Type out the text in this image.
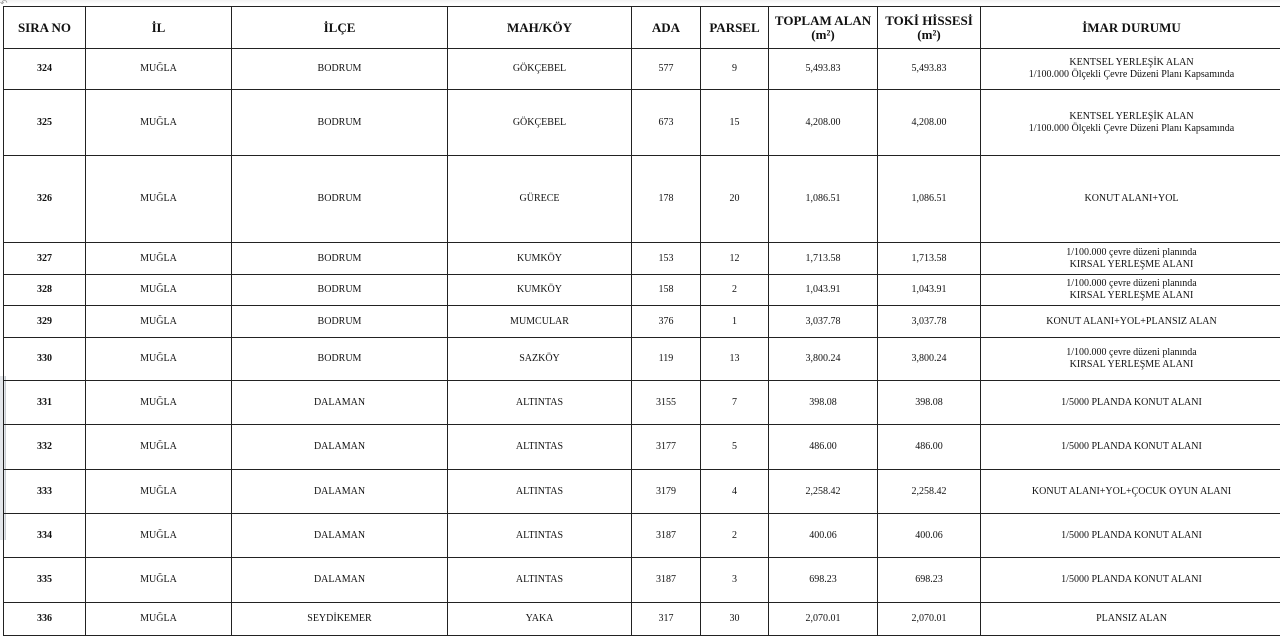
↶
SIRA NO	İL	İLÇE	MAH/KÖY	ADA	PARSEL	TOPLAM ALAN (m²)	TOKİ HİSSESİ (m²)	İMAR DURUMU
324	MUĞLA	BODRUM	GÖKÇEBEL	577	9	5,493.83	5,493.83	KENTSEL YERLEŞİK ALAN
1/100.000 Ölçekli Çevre Düzeni Planı Kapsamında

325	MUĞLA	BODRUM	GÖKÇEBEL	673	15	4,208.00	4,208.00	KENTSEL YERLEŞİK ALAN
1/100.000 Ölçekli Çevre Düzeni Planı Kapsamında

326	MUĞLA	BODRUM	GÜRECE	178	20	1,086.51	1,086.51	KONUT ALANI+YOL

327	MUĞLA	BODRUM	KUMKÖY	153	12	1,713.58	1,713.58	1/100.000 çevre düzeni planında
KIRSAL YERLEŞME ALANI

328	MUĞLA	BODRUM	KUMKÖY	158	2	1,043.91	1,043.91	1/100.000 çevre düzeni planında
KIRSAL YERLEŞME ALANI

329	MUĞLA	BODRUM	MUMCULAR	376	1	3,037.78	3,037.78	KONUT ALANI+YOL+PLANSIZ ALAN

330	MUĞLA	BODRUM	SAZKÖY	119	13	3,800.24	3,800.24	1/100.000 çevre düzeni planında
KIRSAL YERLEŞME ALANI

331	MUĞLA	DALAMAN	ALTINTAS	3155	7	398.08	398.08	1/5000 PLANDA KONUT ALANI

332	MUĞLA	DALAMAN	ALTINTAS	3177	5	486.00	486.00	1/5000 PLANDA KONUT ALANI

333	MUĞLA	DALAMAN	ALTINTAS	3179	4	2,258.42	2,258.42	KONUT ALANI+YOL+ÇOCUK OYUN ALANI

334	MUĞLA	DALAMAN	ALTINTAS	3187	2	400.06	400.06	1/5000 PLANDA KONUT ALANI

335	MUĞLA	DALAMAN	ALTINTAS	3187	3	698.23	698.23	1/5000 PLANDA KONUT ALANI

336	MUĞLA	SEYDİKEMER	YAKA	317	30	2,070.01	2,070.01	PLANSIZ ALAN
